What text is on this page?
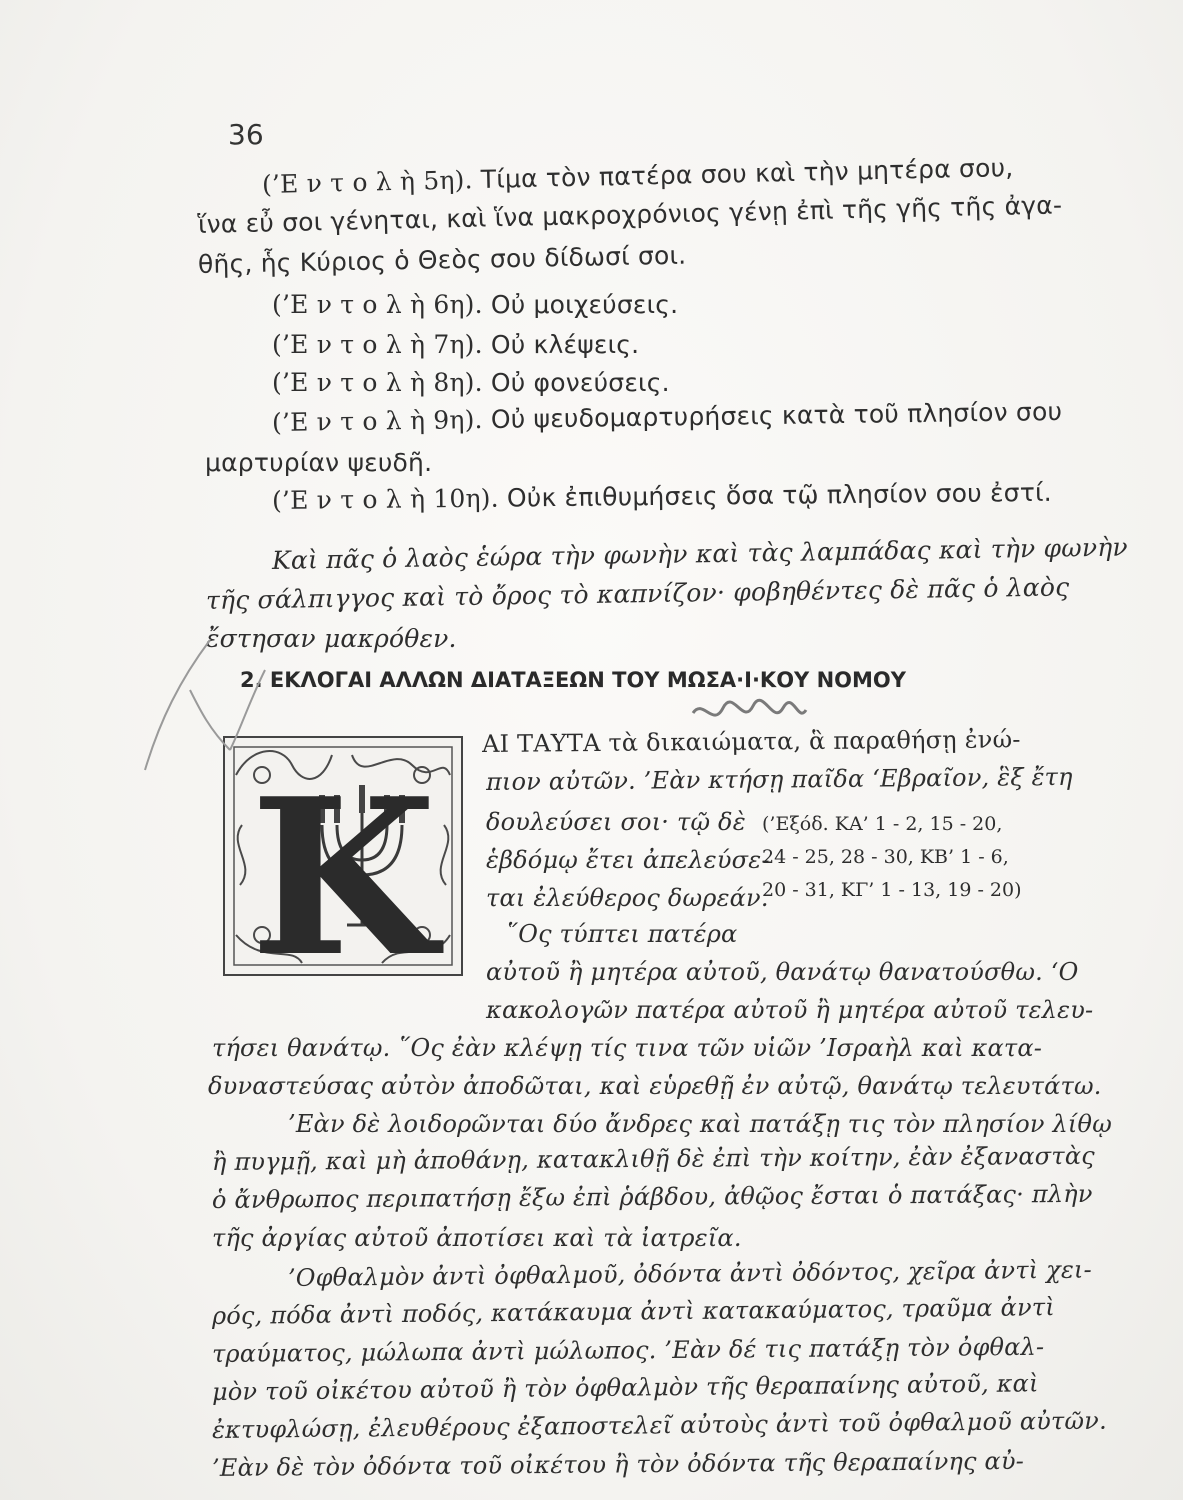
36
(’Ε ν τ ο λ ὴ 5η). Τίμα τὸν πατέρα σου καὶ τὴν μητέρα σου,
ἵνα εὖ σοι γένηται, καὶ ἵνα μακροχρόνιος γένῃ ἐπὶ τῆς γῆς τῆς ἀγα-
θῆς, ἧς Κύριος ὁ Θεὸς σου δίδωσί σοι.
(’Ε ν τ ο λ ὴ 6η). Οὐ μοιχεύσεις.
(’Ε ν τ ο λ ὴ 7η). Οὐ κλέψεις.
(’Ε ν τ ο λ ὴ 8η). Οὐ φονεύσεις.
(’Ε ν τ ο λ ὴ 9η). Οὐ ψευδομαρτυρήσεις κατὰ τοῦ πλησίον σου
μαρτυρίαν ψευδῆ.
(’Ε ν τ ο λ ὴ 10η). Οὐκ ἐπιθυμήσεις ὅσα τῷ πλησίον σου ἐστί.
Καὶ πᾶς ὁ λαὸς ἑώρα τὴν φωνὴν καὶ τὰς λαμπάδας καὶ τὴν φωνὴν
τῆς σάλπιγγος καὶ τὸ ὄρος τὸ καπνίζον· φοβηθέντες δὲ πᾶς ὁ λαὸς
ἔστησαν μακρόθεν.
2. ΕΚΛΟΓΑΙ ΑΛΛΩΝ ΔΙΑΤΑΞΕΩΝ ΤΟΥ ΜΩΣΑ·Ι·ΚΟΥ ΝΟΜΟΥ
K
ΑΙ ΤΑΥΤΑ τὰ δικαιώματα, ἃ παραθήσῃ ἐνώ-
πιον αὐτῶν. ’Εὰν κτήσῃ παῖδα ‘Εβραῖον, ἓξ ἔτη
δουλεύσει σοι· τῷ δὲ
ἑβδόμῳ ἔτει ἀπελεύσε-
ται ἐλεύθερος δωρεάν.
῞Ος τύπτει πατέρα
αὐτοῦ ἢ μητέρα αὐτοῦ, θανάτῳ θανατούσθω. ‘Ο
κακολογῶν πατέρα αὐτοῦ ἢ μητέρα αὐτοῦ τελευ-
(’Εξόδ. ΚΑ’ 1 - 2, 15 - 20,
24 - 25, 28 - 30, ΚΒ’ 1 - 6,
20 - 31, ΚΓ’ 1 - 13, 19 - 20)
τήσει θανάτῳ. ῞Ος ἐὰν κλέψῃ τίς τινα τῶν υἱῶν ’Ισραὴλ καὶ κατα-
δυναστεύσας αὐτὸν ἀποδῶται, καὶ εὑρεθῇ ἐν αὐτῷ, θανάτῳ τελευτάτω.
’Εὰν δὲ λοιδορῶνται δύο ἄνδρες καὶ πατάξῃ τις τὸν πλησίον λίθῳ
ἢ πυγμῇ, καὶ μὴ ἀποθάνῃ, κατακλιθῇ δὲ ἐπὶ τὴν κοίτην, ἐὰν ἐξαναστὰς
ὁ ἄνθρωπος περιπατήσῃ ἔξω ἐπὶ ῥάβδου, ἀθῷος ἔσται ὁ πατάξας· πλὴν
τῆς ἀργίας αὐτοῦ ἀποτίσει καὶ τὰ ἰατρεῖα.
’Οφθαλμὸν ἀντὶ ὀφθαλμοῦ, ὀδόντα ἀντὶ ὀδόντος, χεῖρα ἀντὶ χει-
ρός, πόδα ἀντὶ ποδός, κατάκαυμα ἀντὶ κατακαύματος, τραῦμα ἀντὶ
τραύματος, μώλωπα ἀντὶ μώλωπος. ’Εὰν δέ τις πατάξῃ τὸν ὀφθαλ-
μὸν τοῦ οἰκέτου αὐτοῦ ἢ τὸν ὀφθαλμὸν τῆς θεραπαίνης αὐτοῦ, καὶ
ἐκτυφλώσῃ, ἐλευθέρους ἐξαποστελεῖ αὐτοὺς ἀντὶ τοῦ ὀφθαλμοῦ αὐτῶν.
’Εὰν δὲ τὸν ὀδόντα τοῦ οἰκέτου ἢ τὸν ὀδόντα τῆς θεραπαίνης αὐ-
